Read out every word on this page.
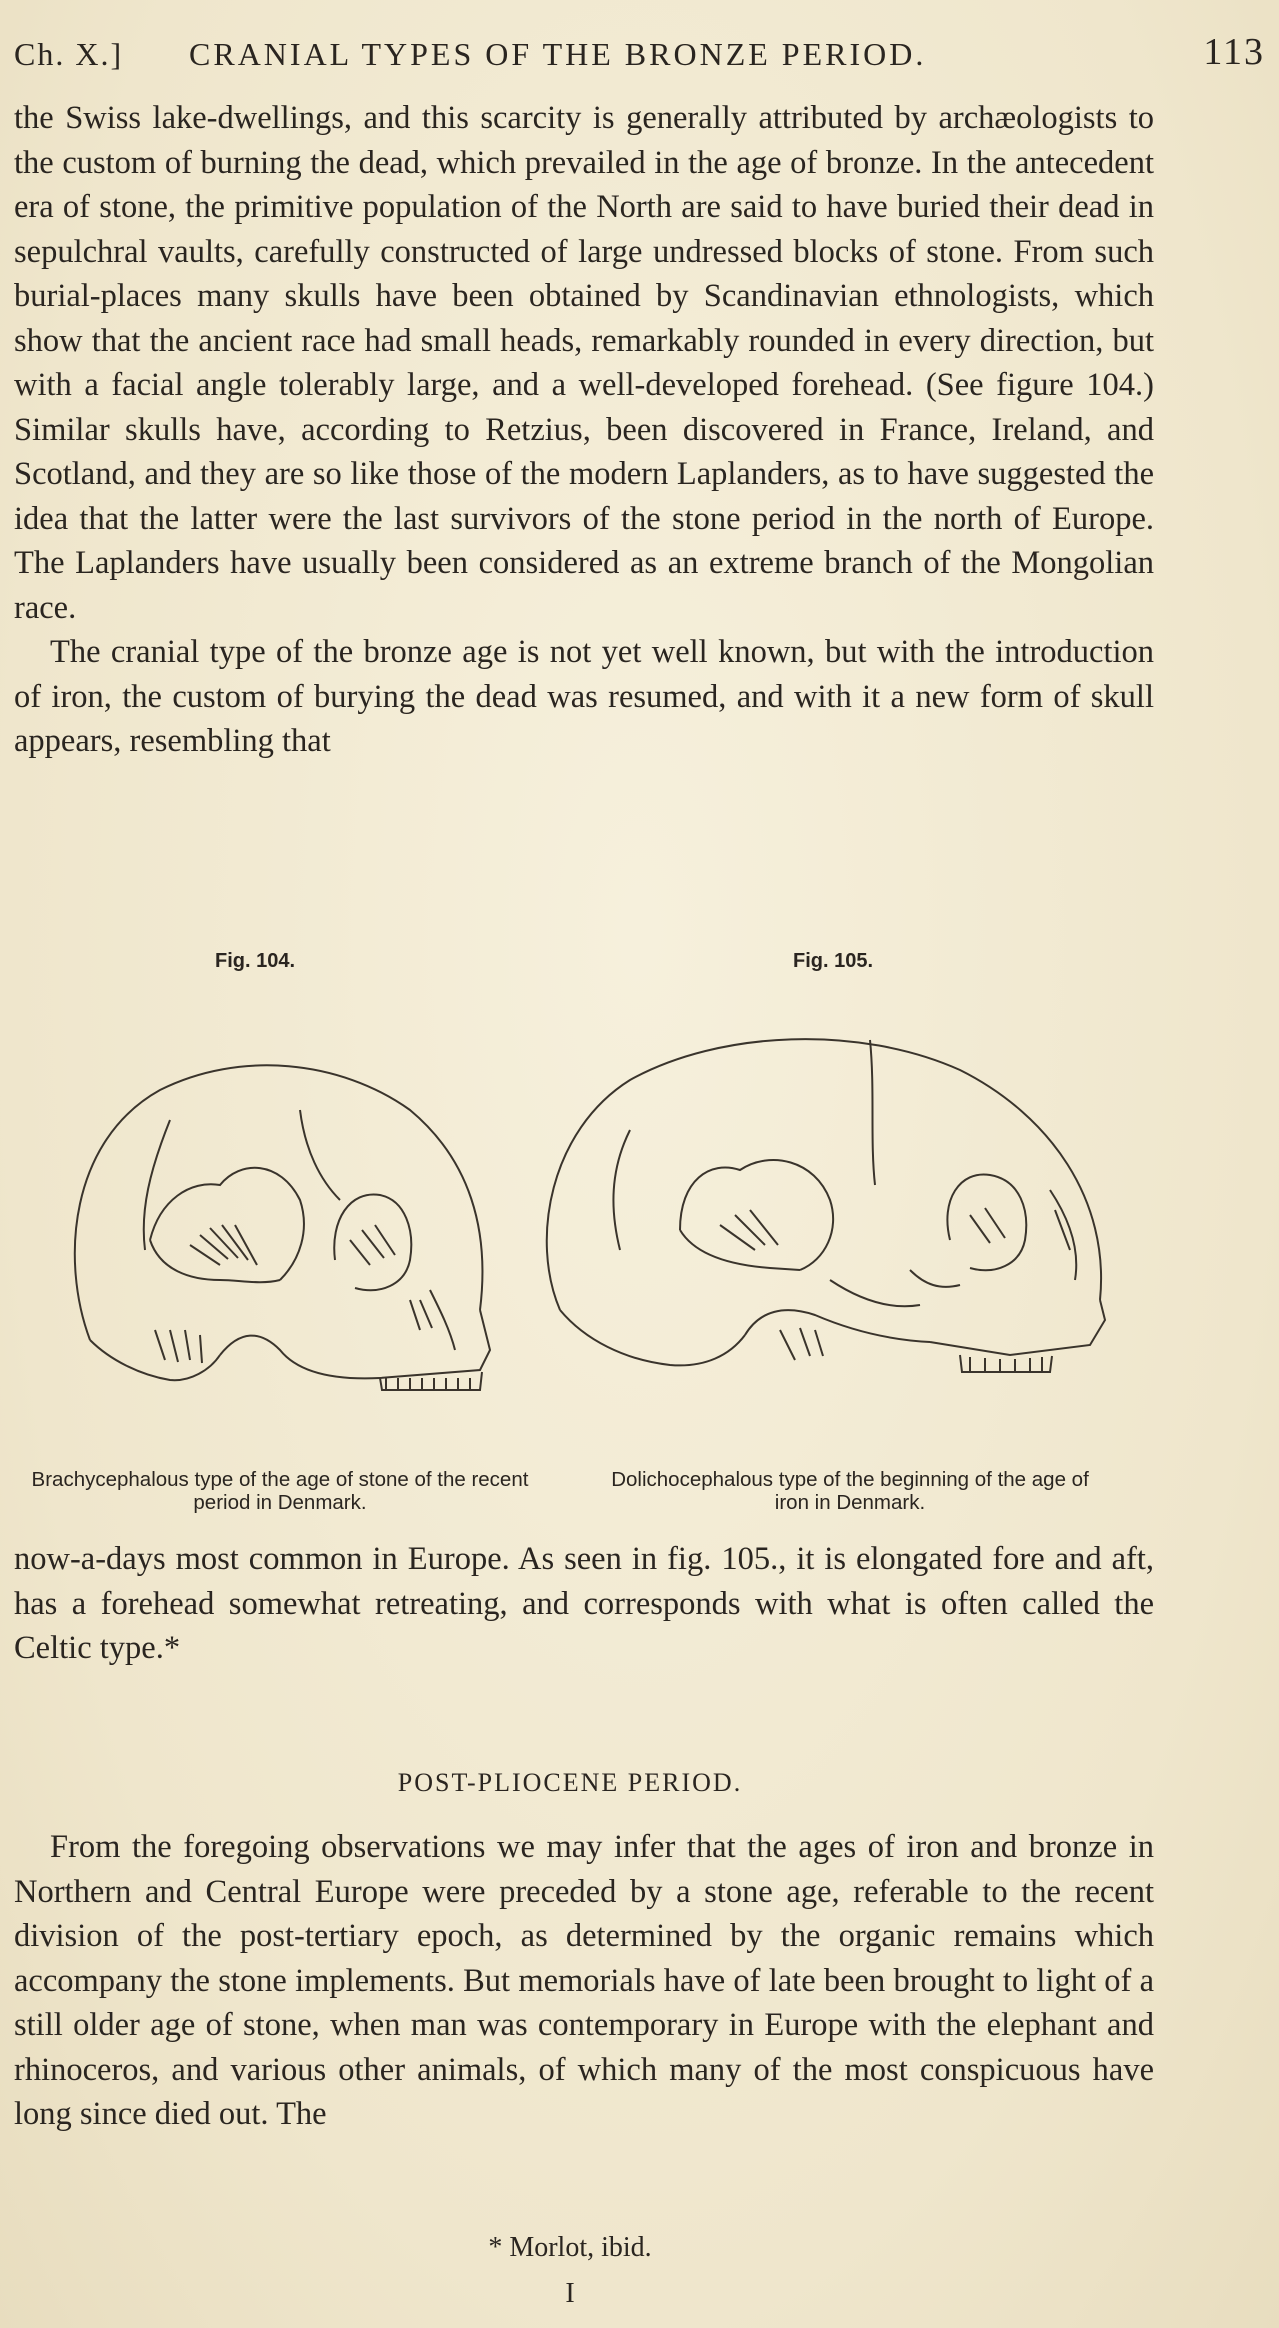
Ch. X.] CRANIAL TYPES OF THE BRONZE PERIOD.	113

the Swiss lake-dwellings, and this scarcity is generally attributed by archæologists to the custom of burning the dead, which prevailed in the age of bronze. In the antecedent era of stone, the primitive population of the North are said to have buried their dead in sepulchral vaults, carefully constructed of large undressed blocks of stone. From such burial-places many skulls have been obtained by Scandinavian ethnologists, which show that the ancient race had small heads, remarkably rounded in every direction, but with a facial angle tolerably large, and a well-developed forehead. (See figure 104.) Similar skulls have, according to Retzius, been discovered in France, Ireland, and Scotland, and they are so like those of the modern Laplanders, as to have suggested the idea that the latter were the last survivors of the stone period in the north of Europe. The Laplanders have usually been considered as an extreme branch of the Mongolian race.

The cranial type of the bronze age is not yet well known, but with the introduction of iron, the custom of burying the dead was resumed, and with it a new form of skull appears, resembling that

Fig. 104.	Fig. 105.
Brachycephalous type of the age of stone of the recent period in Denmark.
Dolichocephalous type of the beginning of the age of iron in Denmark.

now-a-days most common in Europe. As seen in fig. 105., it is elongated fore and aft, has a forehead somewhat retreating, and corresponds with what is often called the Celtic type.*

POST-PLIOCENE PERIOD.

From the foregoing observations we may infer that the ages of iron and bronze in Northern and Central Europe were preceded by a stone age, referable to the recent division of the post-tertiary epoch, as determined by the organic remains which accompany the stone implements. But memorials have of late been brought to light of a still older age of stone, when man was contemporary in Europe with the elephant and rhinoceros, and various other animals, of which many of the most conspicuous have long since died out. The

* Morlot, ibid.
I
